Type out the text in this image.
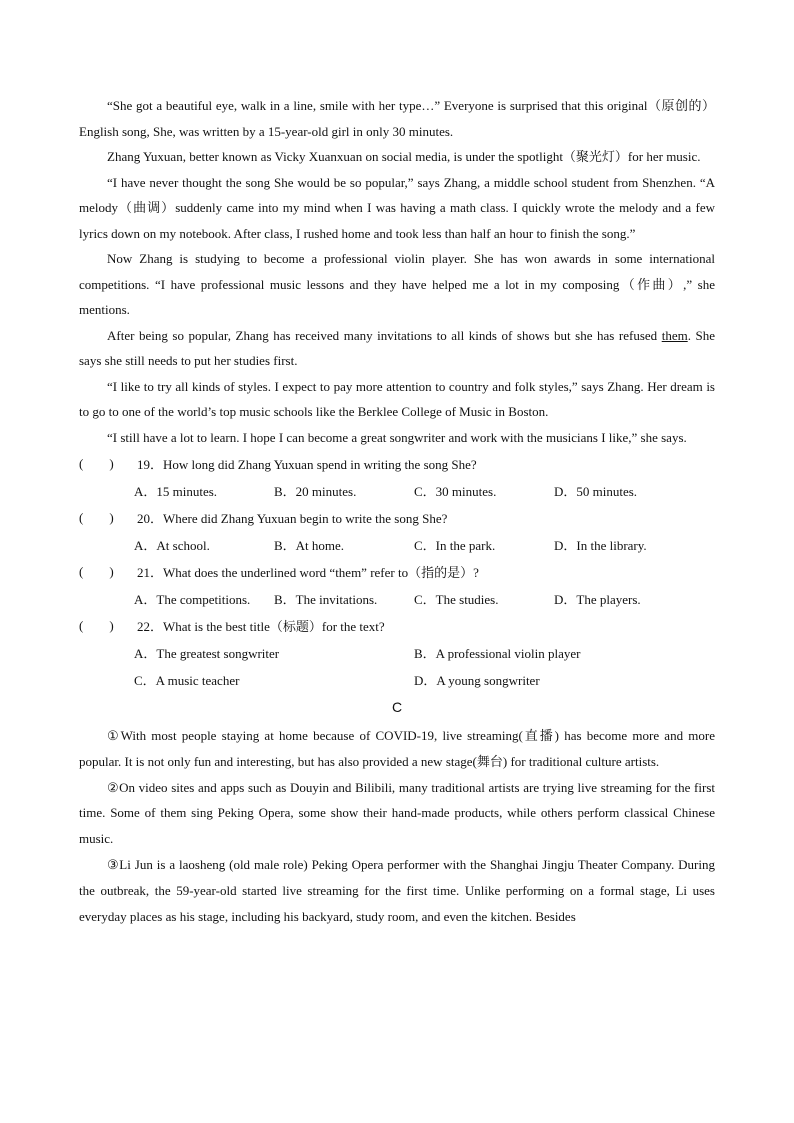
“She got a beautiful eye, walk in a line, smile with her type…” Everyone is surprised that this original（原创的）English song, She, was written by a 15-year-old girl in only 30 minutes.

Zhang Yuxuan, better known as Vicky Xuanxuan on social media, is under the spotlight（聚光灯）for her music.

“I have never thought the song She would be so popular,” says Zhang, a middle school student from Shenzhen. “A melody（曲调）suddenly came into my mind when I was having a math class. I quickly wrote the melody and a few lyrics down on my notebook. After class, I rushed home and took less than half an hour to finish the song.”

Now Zhang is studying to become a professional violin player. She has won awards in some international competitions. “I have professional music lessons and they have helped me a lot in my composing（作曲）,” she mentions.

After being so popular, Zhang has received many invitations to all kinds of shows but she has refused them. She says she still needs to put her studies first.

“I like to try all kinds of styles. I expect to pay more attention to country and folk styles,” says Zhang. Her dream is to go to one of the world’s top music schools like the Berklee College of Music in Boston.

“I still have a lot to learn. I hope I can become a great songwriter and work with the musicians I like,” she says.

(        )	19．How long did Zhang Yuxuan spend in writing the song She?
A．15 minutes.	B．20 minutes.	C．30 minutes.	D．50 minutes.
(        )	20．Where did Zhang Yuxuan begin to write the song She?
A．At school.	B．At home.	C．In the park.	D．In the library.
(        )	21．What does the underlined word “them” refer to（指的是）?
A．The competitions.	B．The invitations.	C．The studies.	D．The players.
(        )	22．What is the best title（标题）for the text?
A．The greatest songwriter	B．A professional violin player
C．A music teacher	D．A young songwriter
C

①With most people staying at home because of COVID-19, live streaming(直播) has become more and more popular. It is not only fun and interesting, but has also provided a new stage(舞台) for traditional culture artists.

②On video sites and apps such as Douyin and Bilibili, many traditional artists are trying live streaming for the first time. Some of them sing Peking Opera, some show their hand-made products, while others perform classical Chinese music.

③Li Jun is a laosheng (old male role) Peking Opera performer with the Shanghai Jingju Theater Company. During the outbreak, the 59-year-old started live streaming for the first time. Unlike performing on a formal stage, Li uses everyday places as his stage, including his backyard, study room, and even the kitchen. Besides
